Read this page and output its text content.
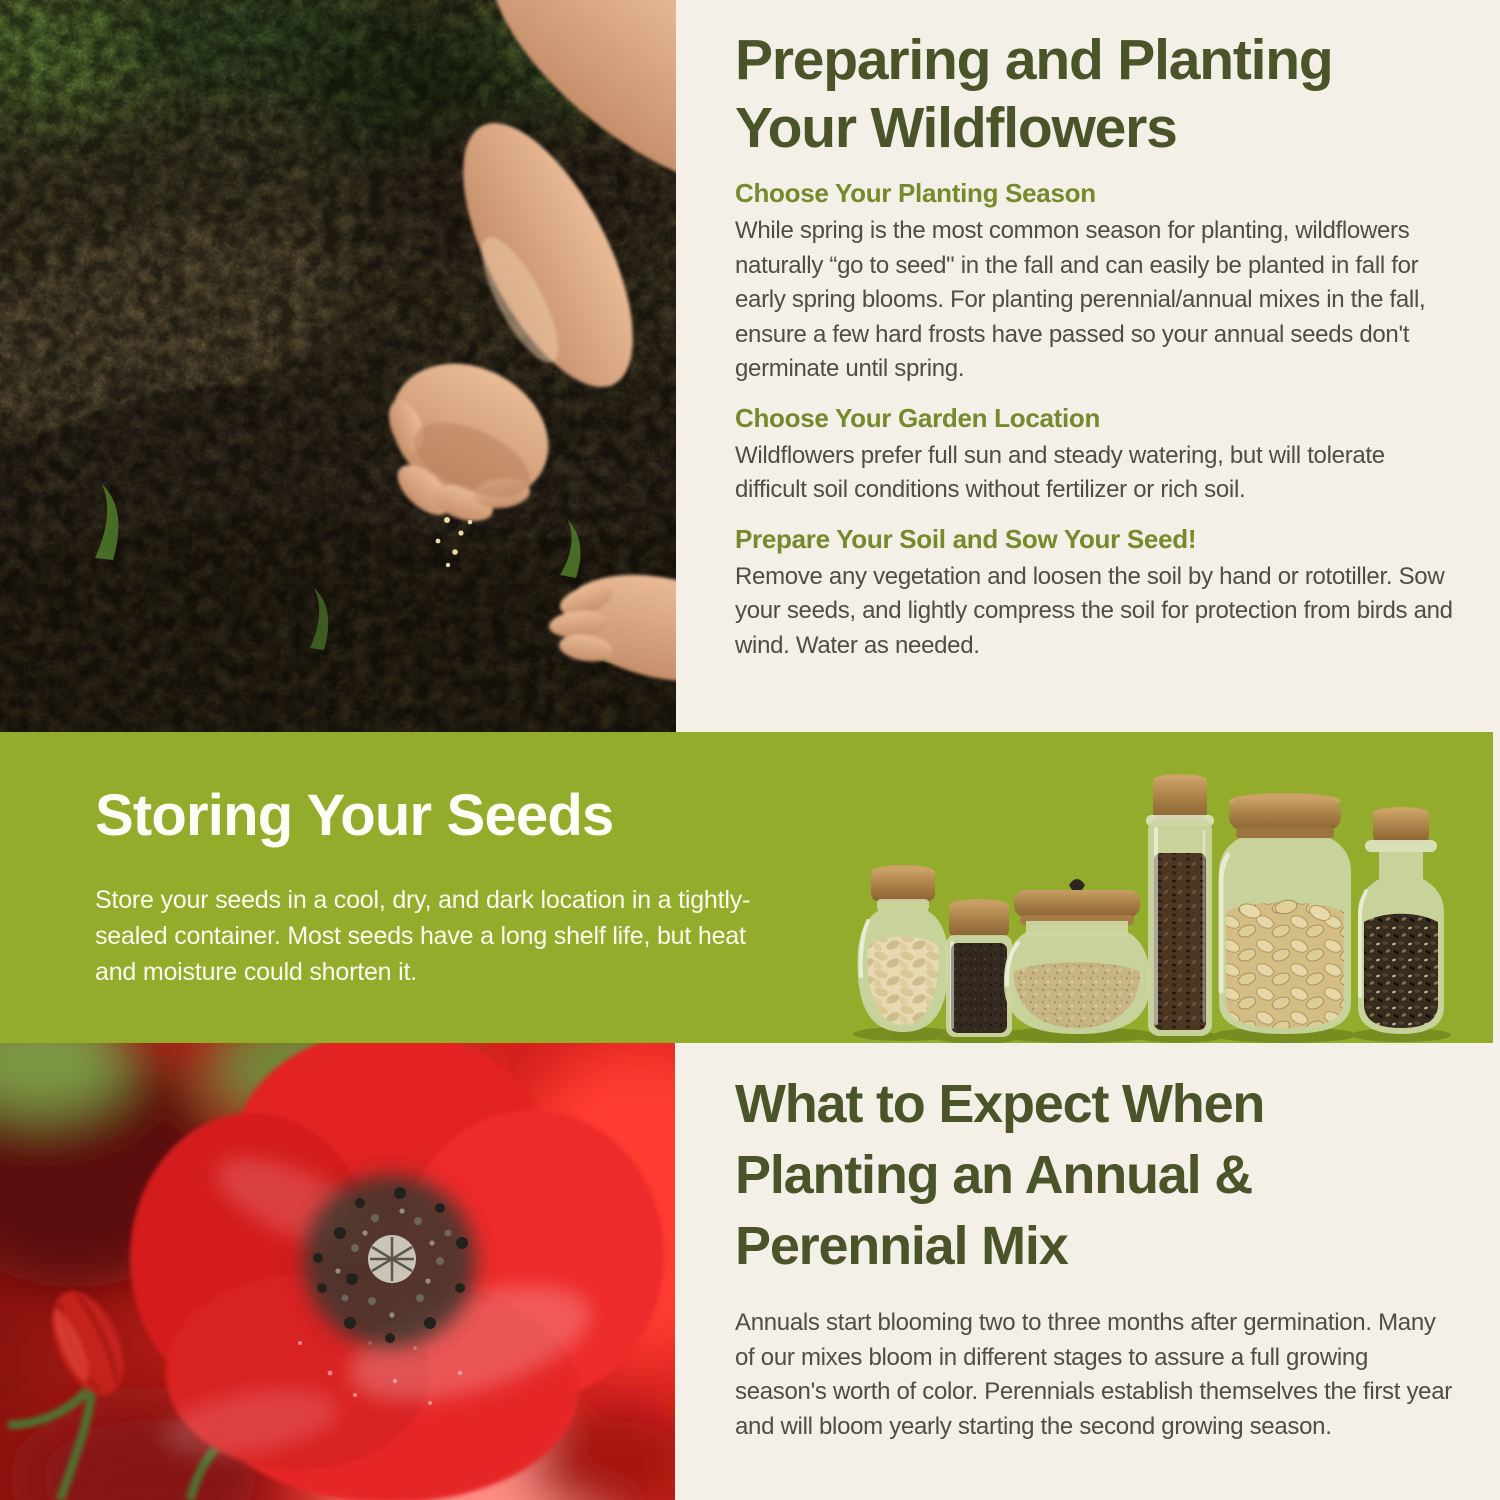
Preparing and Planting Your Wildflowers
Choose Your Planting Season

While spring is the most common season for planting, wildflowers naturally “go to seed" in the fall and can easily be planted in fall for early spring blooms. For planting perennial/annual mixes in the fall, ensure a few hard frosts have passed so your annual seeds don't germinate until spring.

Choose Your Garden Location

Wildflowers prefer full sun and steady watering, but will tolerate difficult soil conditions without fertilizer or rich soil.

Prepare Your Soil and Sow Your Seed!

Remove any vegetation and loosen the soil by hand or rototiller. Sow your seeds, and lightly compress the soil for protection from birds and wind. Water as needed.

Storing Your Seeds

Store your seeds in a cool, dry, and dark location in a tightly-sealed container. Most seeds have a long shelf life, but heat and moisture could shorten it.

What to Expect When Planting an Annual & Perennial Mix

Annuals start blooming two to three months after germination. Many of our mixes bloom in different stages to assure a full growing season's worth of color. Perennials establish themselves the first year and will bloom yearly starting the second growing season.
